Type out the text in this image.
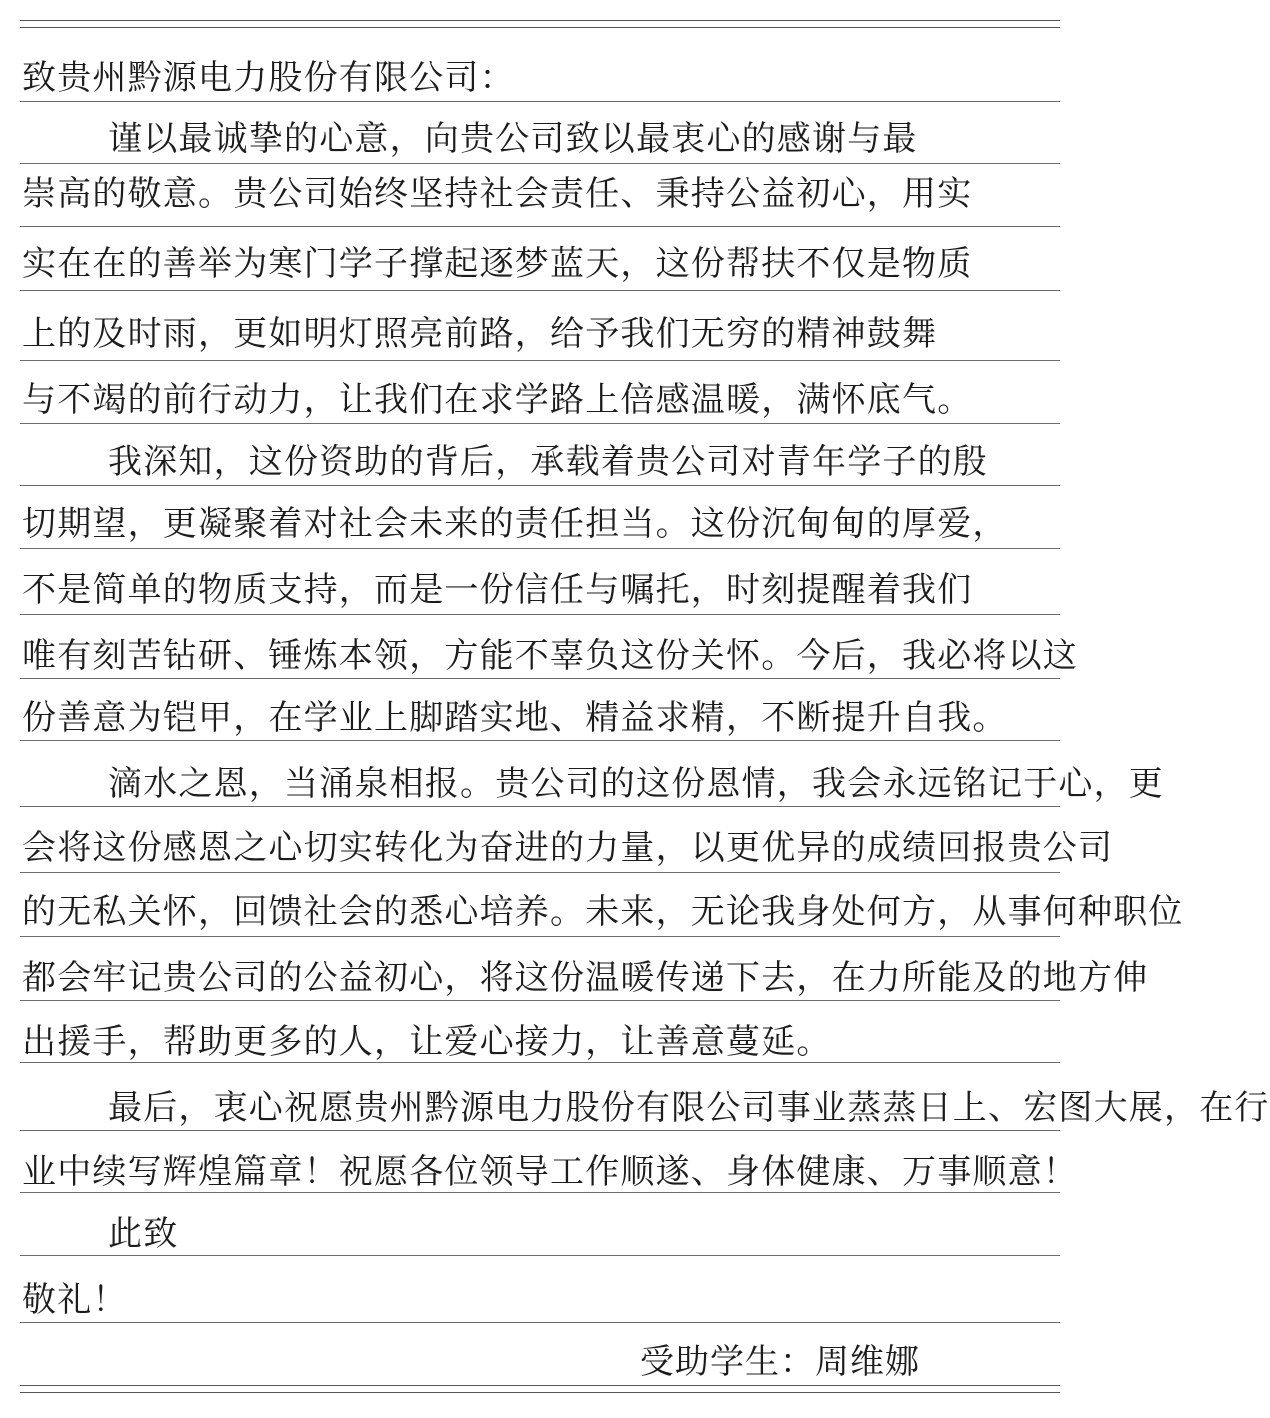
致贵州黔源电力股份有限公司：
谨以最诚挚的心意，向贵公司致以最衷心的感谢与最
崇高的敬意。贵公司始终坚持社会责任、秉持公益初心，用实
实在在的善举为寒门学子撑起逐梦蓝天，这份帮扶不仅是物质
上的及时雨，更如明灯照亮前路，给予我们无穷的精神鼓舞
与不竭的前行动力，让我们在求学路上倍感温暖，满怀底气。
我深知，这份资助的背后，承载着贵公司对青年学子的殷
切期望，更凝聚着对社会未来的责任担当。这份沉甸甸的厚爱，
不是简单的物质支持，而是一份信任与嘱托，时刻提醒着我们
唯有刻苦钻研、锤炼本领，方能不辜负这份关怀。今后，我必将以这
份善意为铠甲，在学业上脚踏实地、精益求精，不断提升自我。
滴水之恩，当涌泉相报。贵公司的这份恩情，我会永远铭记于心，更
会将这份感恩之心切实转化为奋进的力量，以更优异的成绩回报贵公司
的无私关怀，回馈社会的悉心培养。未来，无论我身处何方，从事何种职位
都会牢记贵公司的公益初心，将这份温暖传递下去，在力所能及的地方伸
出援手，帮助更多的人，让爱心接力，让善意蔓延。
最后，衷心祝愿贵州黔源电力股份有限公司事业蒸蒸日上、宏图大展，在行
业中续写辉煌篇章！祝愿各位领导工作顺遂、身体健康、万事顺意！
此致
敬礼！
受助学生：周维娜
